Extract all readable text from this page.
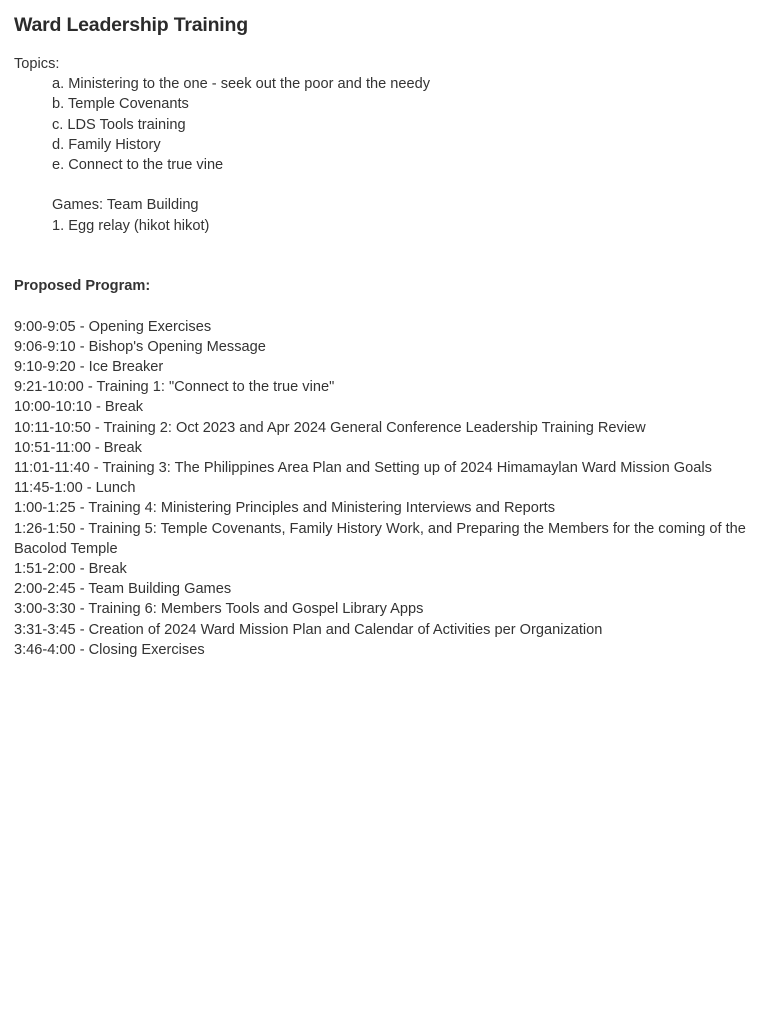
Ward Leadership Training
Topics:
a. Ministering to the one - seek out the poor and the needy
b. Temple Covenants
c. LDS Tools training
d. Family History
e. Connect to the true vine
Games: Team Building
1. Egg relay (hikot hikot)
Proposed Program:
9:00-9:05 - Opening Exercises
9:06-9:10 - Bishop's Opening Message
9:10-9:20 - Ice Breaker
9:21-10:00 - Training 1: "Connect to the true vine"
10:00-10:10 - Break
10:11-10:50 - Training 2: Oct 2023 and Apr 2024 General Conference Leadership Training Review
10:51-11:00 - Break
11:01-11:40 - Training 3: The Philippines Area Plan and Setting up of 2024 Himamaylan Ward Mission Goals
11:45-1:00 - Lunch
1:00-1:25 - Training 4: Ministering Principles and Ministering Interviews and Reports
1:26-1:50 - Training 5: Temple Covenants, Family History Work, and Preparing the Members for the coming of the Bacolod Temple
1:51-2:00 - Break
2:00-2:45 - Team Building Games
3:00-3:30 - Training 6: Members Tools and Gospel Library Apps
3:31-3:45 - Creation of 2024 Ward Mission Plan and Calendar of Activities per Organization
3:46-4:00 - Closing Exercises
